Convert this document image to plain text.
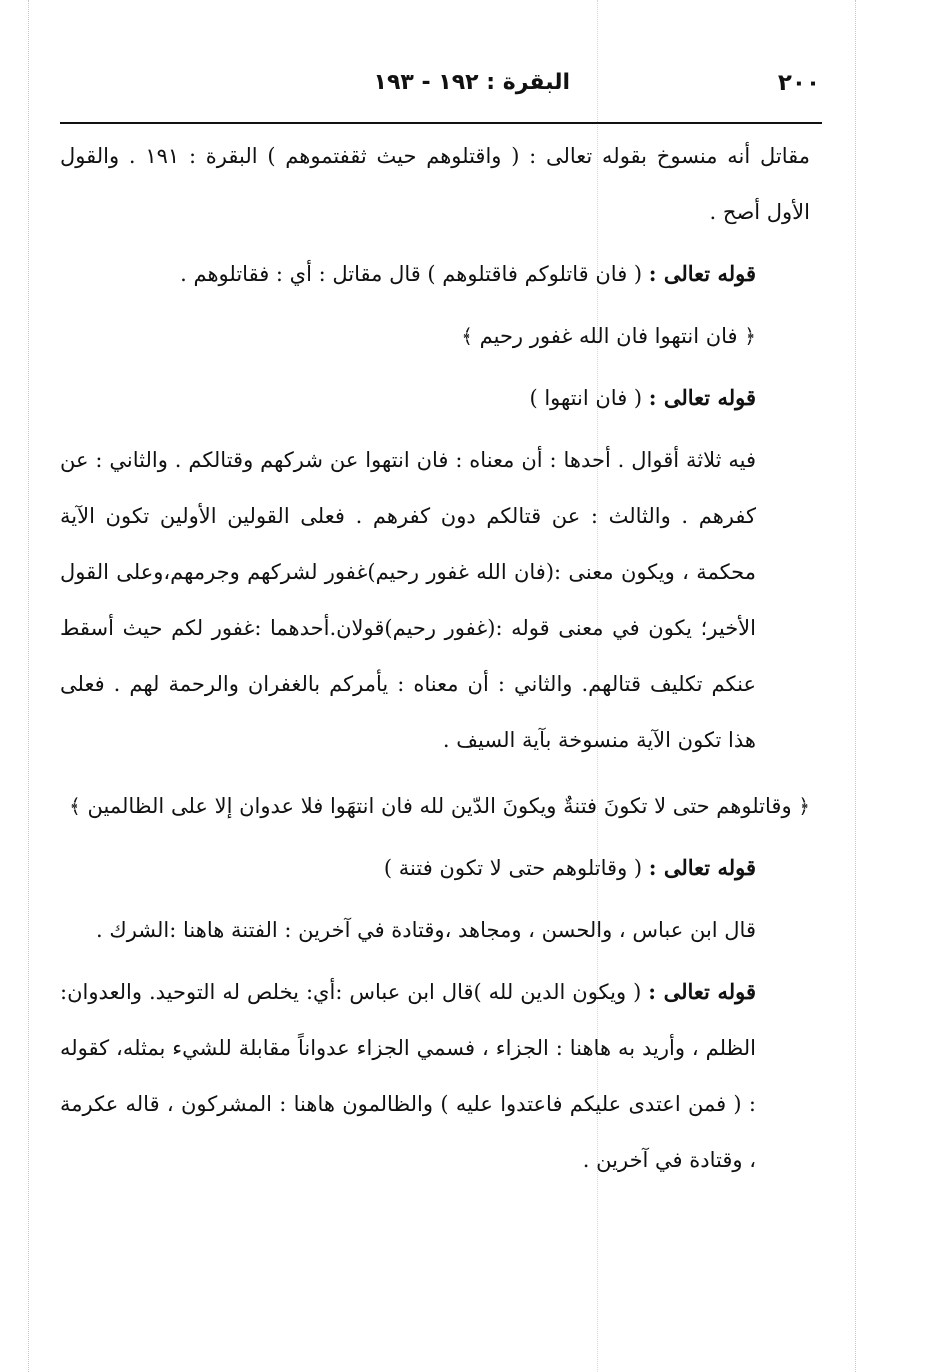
٢٠٠
البقرة : ١٩٢ - ١٩٣

مقاتل أنه منسوخ بقوله تعالى : ( واقتلوهم حيث ثقفتموهم ) البقرة : ١٩١ . والقول الأول أصح .

قوله تعالى : ( فان قاتلوكم فاقتلوهم ) قال مقاتل : أي : فقاتلوهم .

﴿ فان انتهوا فان الله غفور رحيم ﴾

قوله تعالى : ( فان انتهوا )

فيه ثلاثة أقوال . أحدها : أن معناه : فان انتهوا عن شركهم وقتالكم . والثاني : عن كفرهم . والثالث : عن قتالكم دون كفرهم . فعلى القولين الأولين تكون الآية محكمة ، ويكون معنى :(فان الله غفور رحيم)غفور لشركهم وجرمهم،وعلى القول الأخير؛ يكون في معنى قوله :(غفور رحيم)قولان.أحدهما :غفور لكم حيث أسقط عنكم تكليف قتالهم. والثاني : أن معناه : يأمركم بالغفران والرحمة لهم . فعلى هذا تكون الآية منسوخة بآية السيف .

﴿ وقاتلوهم حتى لا تكونَ فتنةٌ ويكونَ الدّين لله فان انتهَوا فلا عدوان إلا على الظالمين ﴾

قوله تعالى : ( وقاتلوهم حتى لا تكون فتنة )

قال ابن عباس ، والحسن ، ومجاهد ،وقتادة في آخرين : الفتنة هاهنا :الشرك .

قوله تعالى : ( ويكون الدين لله )قال ابن عباس :أي: يخلص له التوحيد. والعدوان: الظلم ، وأريد به هاهنا : الجزاء ، فسمي الجزاء عدواناً مقابلة للشيء بمثله، كقوله : ( فمن اعتدى عليكم فاعتدوا عليه ) والظالمون هاهنا : المشركون ، قاله عكرمة ، وقتادة في آخرين .
